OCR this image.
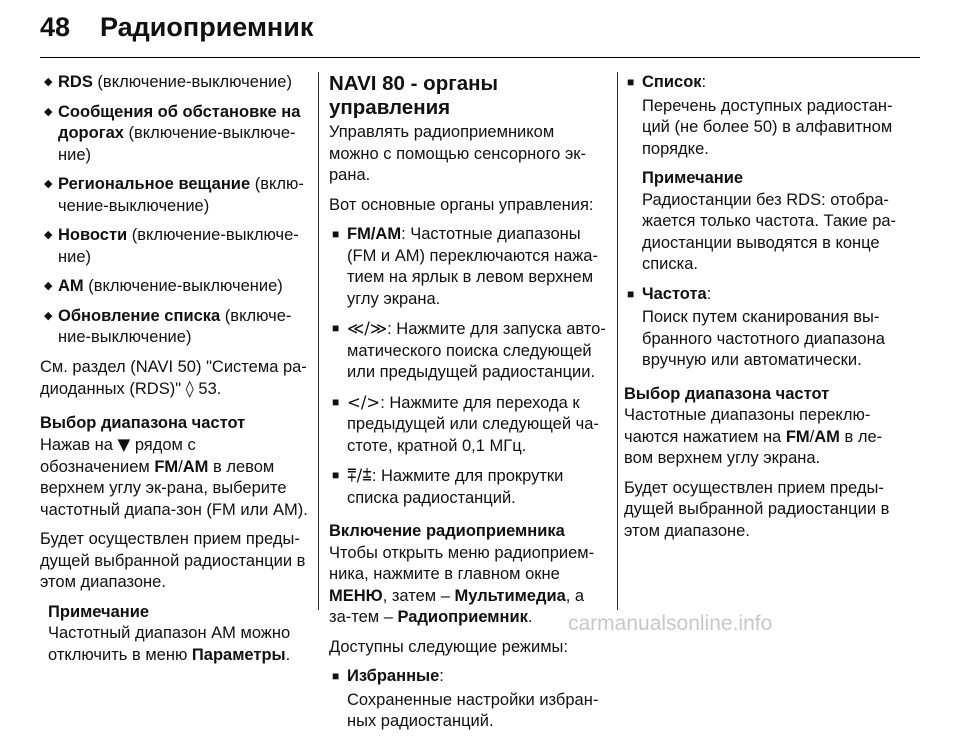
48 Радиоприемник
◆ RDS (включение-выключение)
◆ Сообщения об обстановке на дорогах (включение-выключе-ние)
◆ Региональное вещание (вклю-чение-выключение)
◆ Новости (включение-выключе-ние)
◆ AM (включение-выключение)
◆ Обновление списка (включе-ние-выключение)

См. раздел (NAVI 50) "Система ра-диоданных (RDS)" ◊ 53.

Выбор диапазона частот

Нажав на ▼ рядом с обозначением FM/AM в левом верхнем углу эк-рана, выберите частотный диапа-зон (FM или AM).

Будет осуществлен прием преды-дущей выбранной радиостанции в этом диапазоне.

Примечание
Частотный диапазон AM можно отключить в меню Параметры.
NAVI 80 - органы управления

Управлять радиоприемником можно с помощью сенсорного эк-рана.

Вот основные органы управления:

■ FM/AM: Частотные диапазоны (FM и AM) переключаются нажа-тием на ярлык в левом верхнем углу экрана.
■ ≪/≫: Нажмите для запуска авто-матического поиска следующей или предыдущей радиостанции.
■ </>: Нажмите для перехода к предыдущей или следующей ча-стоте, кратной 0,1 МГц.
■ ⩱/⩲: Нажмите для прокрутки списка радиостанций.
Включение радиоприемника

Чтобы открыть меню радиоприем-ника, нажмите в главном окне МЕНЮ, затем – Мультимедиа, а за-тем – Радиоприемник.

Доступны следующие режимы:

■ Избранные:
Сохраненные настройки избран-ных радиостанций.
■ Список:
Перечень доступных радиостан-ций (не более 50) в алфавитном порядке.
Примечание
Радиостанции без RDS: отобра-жается только частота. Такие ра-диостанции выводятся в конце списка.
■ Частота:
Поиск путем сканирования вы-бранного частотного диапазона вручную или автоматически.
Выбор диапазона частот

Частотные диапазоны переклю-чаются нажатием на FM/AM в ле-вом верхнем углу экрана.

Будет осуществлен прием преды-дущей выбранной радиостанции в этом диапазоне.

carmanualsonline.info
